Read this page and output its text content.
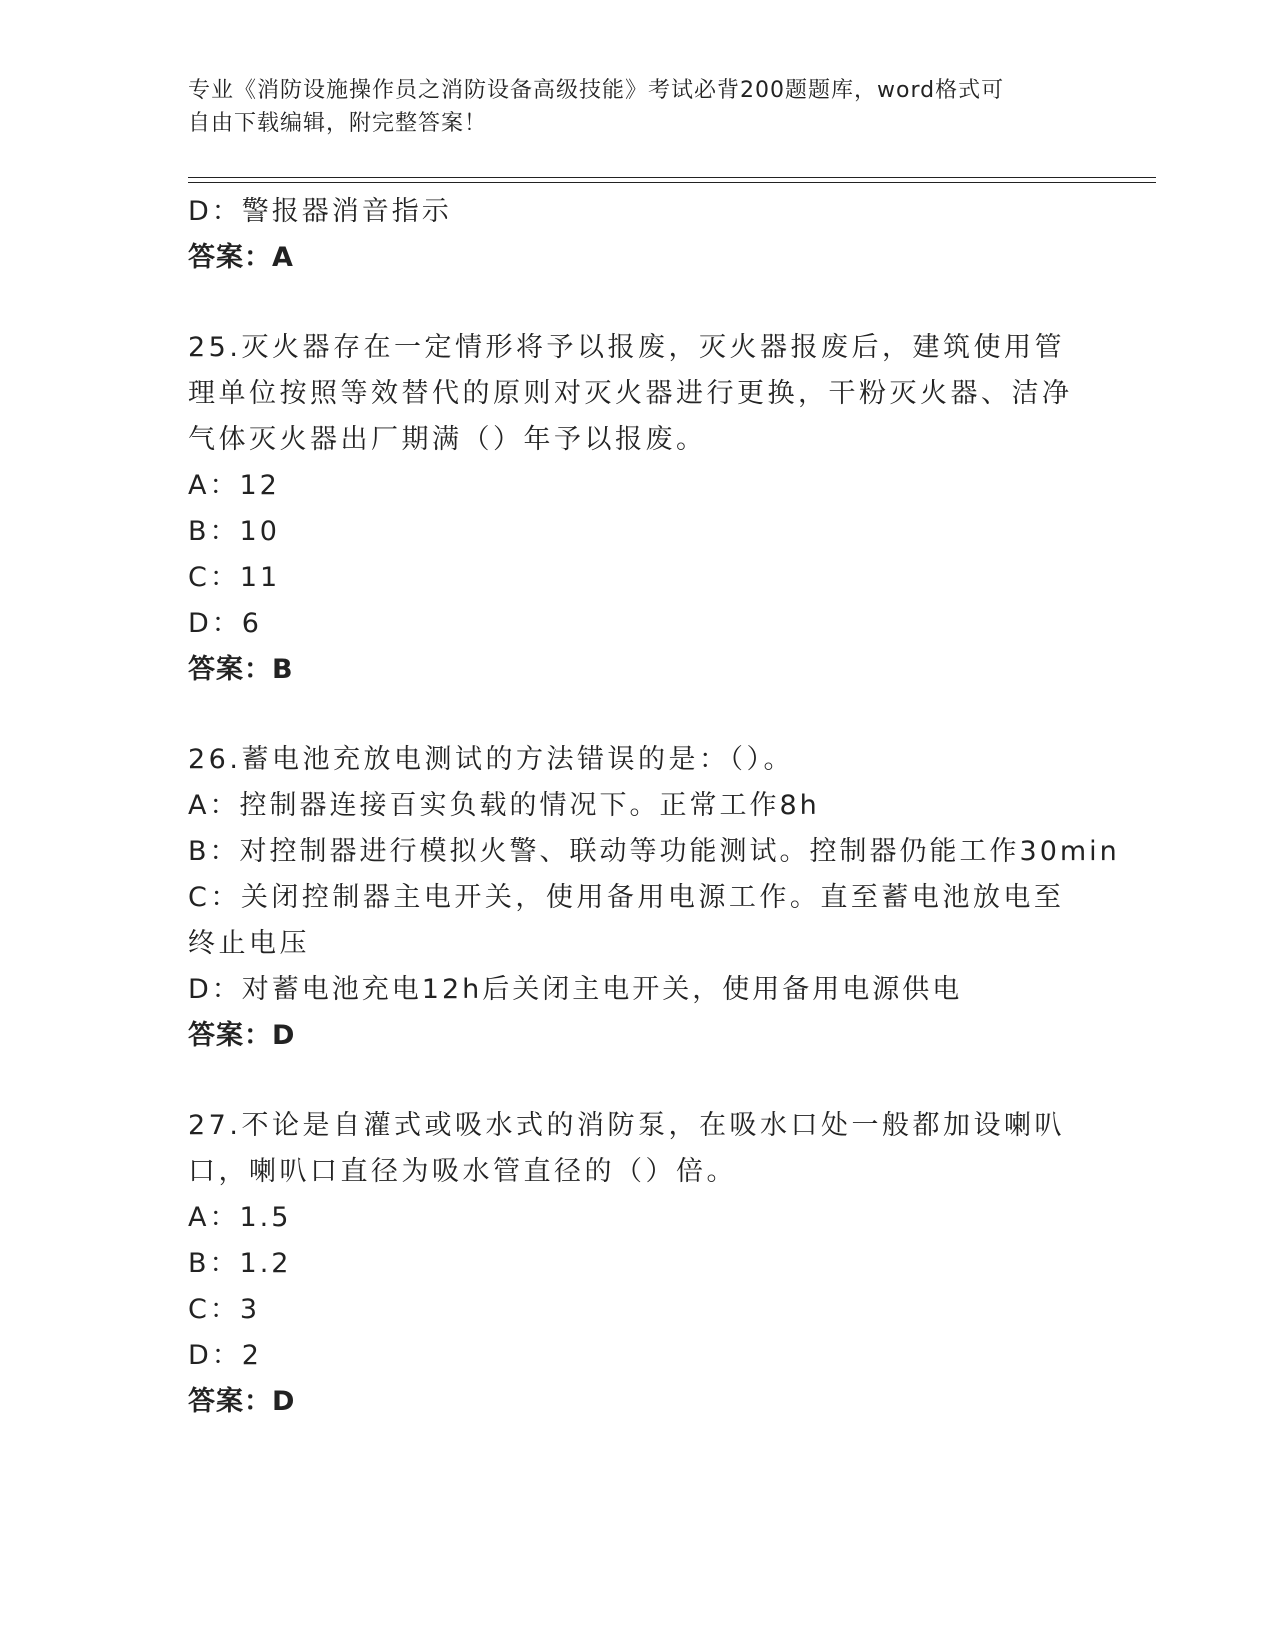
专业《消防设施操作员之消防设备高级技能》考试必背200题题库，word格式可
自由下载编辑，附完整答案！

D：警报器消音指示

答案：A

25.灭火器存在一定情形将予以报废，灭火器报废后，建筑使用管理单位按照等效替代的原则对灭火器进行更换，干粉灭火器、洁净气体灭火器出厂期满（）年予以报废。

A：12

B：10

C：11

D：6

答案：B

26.蓄电池充放电测试的方法错误的是：（）。

A：控制器连接百实负载的情况下。正常工作8h

B：对控制器进行模拟火警、联动等功能测试。控制器仍能工作30min

C：关闭控制器主电开关，使用备用电源工作。直至蓄电池放电至终止电压

D：对蓄电池充电12h后关闭主电开关，使用备用电源供电

答案：D

27.不论是自灌式或吸水式的消防泵，在吸水口处一般都加设喇叭口，喇叭口直径为吸水管直径的（）倍。

A：1.5

B：1.2

C：3

D：2

答案：D
